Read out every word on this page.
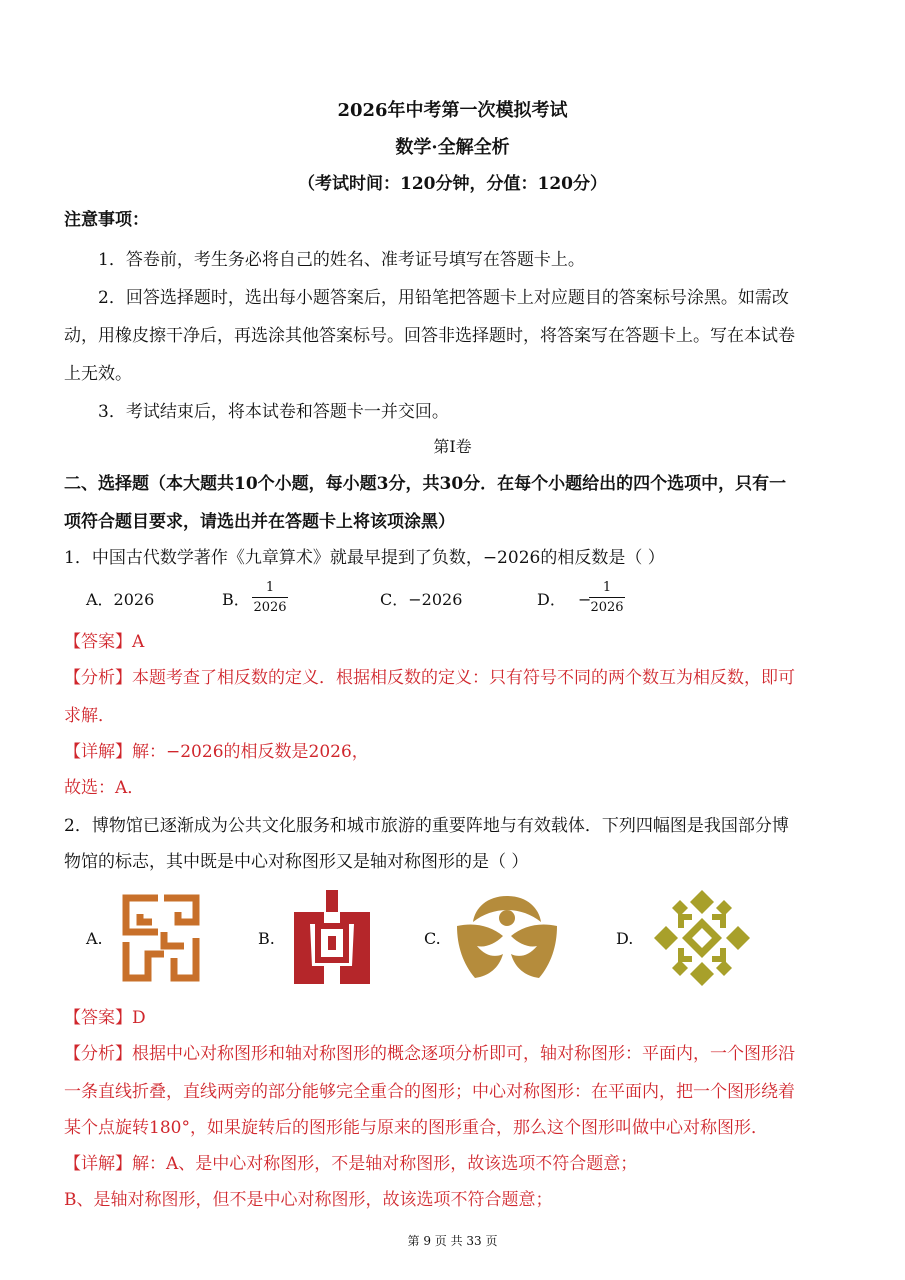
2026年中考第一次模拟考试
数学·全解全析
（考试时间：120分钟，分值：120分）
注意事项：
1．答卷前，考生务必将自己的姓名、准考证号填写在答题卡上。
2．回答选择题时，选出每小题答案后，用铅笔把答题卡上对应题目的答案标号涂黑。如需改
动，用橡皮擦干净后，再选涂其他答案标号。回答非选择题时，将答案写在答题卡上。写在本试卷
上无效。
3．考试结束后，将本试卷和答题卡一并交回。
第Ⅰ卷
二、选择题（本大题共10个小题，每小题3分，共30分．在每个小题给出的四个选项中，只有一
项符合题目要求，请选出并在答题卡上将该项涂黑）
1．中国古代数学著作《九章算术》就最早提到了负数，−2026的相反数是（ ）
A．2026	B．
1
2026	C．−2026	D． −
1
2026
【答案】A
【分析】本题考查了相反数的定义．根据相反数的定义：只有符号不同的两个数互为相反数，即可
求解．
【详解】解：−2026的相反数是2026，
故选：A．
2．博物馆已逐渐成为公共文化服务和城市旅游的重要阵地与有效载体．下列四幅图是我国部分博
物馆的标志，其中既是中心对称图形又是轴对称图形的是（ ）
A.	B.	C.	D.
【答案】D
【分析】根据中心对称图形和轴对称图形的概念逐项分析即可，轴对称图形：平面内，一个图形沿
一条直线折叠，直线两旁的部分能够完全重合的图形；中心对称图形：在平面内，把一个图形绕着
某个点旋转180°，如果旋转后的图形能与原来的图形重合，那么这个图形叫做中心对称图形．
【详解】解：A、是中心对称图形，不是轴对称图形，故该选项不符合题意；
B、是轴对称图形，但不是中心对称图形，故该选项不符合题意；
第 9 页 共 33 页
